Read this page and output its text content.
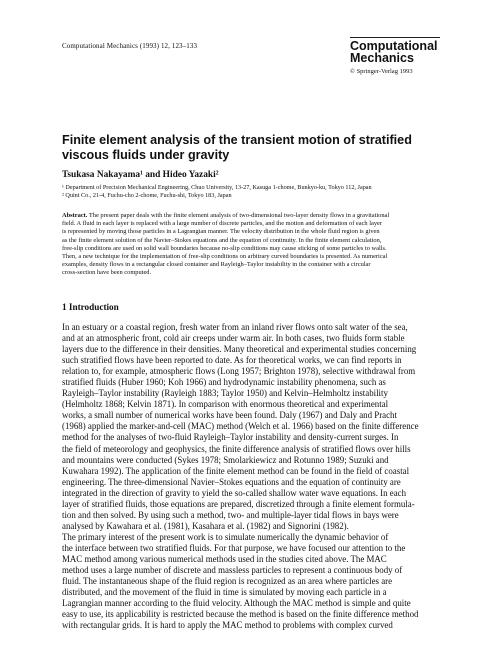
Computational Mechanics (1993) 12, 123–133	Computational Mechanics
© Springer-Verlag 1993
Finite element analysis of the transient motion of stratified viscous fluids under gravity
Tsukasa Nakayama¹ and Hideo Yazaki²
¹ Department of Precision Mechanical Engineering, Chuo University, 13-27, Kasuga 1-chome, Bunkyo-ku, Tokyo 112, Japan
² Quint Co., 21-4, Fuchu-cho 2-chome, Fuchu-shi, Tokyo 183, Japan
Abstract. The present paper deals with the finite element analysis of two-dimensional two-layer density flows in a gravitational
field. A fluid in each layer is replaced with a large number of discrete particles, and the motion and deformation of each layer
is represented by moving those particles in a Lagrangian manner. The velocity distribution in the whole fluid region is given
as the finite element solution of the Navier–Stokes equations and the equation of continuity. In the finite element calculation,
free-slip conditions are used on solid wall boundaries because no-slip conditions may cause sticking of some particles to walls.
Then, a new technique for the implementation of free-slip conditions on arbitrary curved boundaries is presented. As numerical
examples, density flows in a rectangular closed container and Rayleigh–Taylor instability in the container with a circular
cross-section have been computed.
1 Introduction
In an estuary or a coastal region, fresh water from an inland river flows onto salt water of the sea,
and at an atmospheric front, cold air creeps under warm air. In both cases, two fluids form stable
layers due to the difference in their densities. Many theoretical and experimental studies concerning
such stratified flows have been reported to date. As for theoretical works, we can find reports in
relation to, for example, atmospheric flows (Long 1957; Brighton 1978), selective withdrawal from
stratified fluids (Huber 1960; Koh 1966) and hydrodynamic instability phenomena, such as
Rayleigh–Taylor instability (Rayleigh 1883; Taylor 1950) and Kelvin–Helmholtz instability
(Helmholtz 1868; Kelvin 1871). In comparison with enormous theoretical and experimental
works, a small number of numerical works have been found. Daly (1967) and Daly and Pracht
(1968) applied the marker-and-cell (MAC) method (Welch et al. 1966) based on the finite difference
method for the analyses of two-fluid Rayleigh–Taylor instability and density-current surges. In
the field of meteorology and geophysics, the finite difference analysis of stratified flows over hills
and mountains were conducted (Sykes 1978; Smolarkiewicz and Rotunno 1989; Suzuki and
Kuwahara 1992). The application of the finite element method can be found in the field of coastal
engineering. The three-dimensional Navier–Stokes equations and the equation of continuity are
integrated in the direction of gravity to yield the so-called shallow water wave equations. In each
layer of stratified fluids, those equations are prepared, discretized through a finite element formula-
tion and then solved. By using such a method, two- and multiple-layer tidal flows in bays were
analysed by Kawahara et al. (1981), Kasahara et al. (1982) and Signorini (1982).
The primary interest of the present work is to simulate numerically the dynamic behavior of
the interface between two stratified fluids. For that purpose, we have focused our attention to the
MAC method among various numerical methods used in the studies cited above. The MAC
method uses a large number of discrete and massless particles to represent a continuous body of
fluid. The instantaneous shape of the fluid region is recognized as an area where particles are
distributed, and the movement of the fluid in time is simulated by moving each particle in a
Lagrangian manner according to the fluid velocity. Although the MAC method is simple and quite
easy to use, its applicability is restricted because the method is based on the finite difference method
with rectangular grids. It is hard to apply the MAC method to problems with complex curved
